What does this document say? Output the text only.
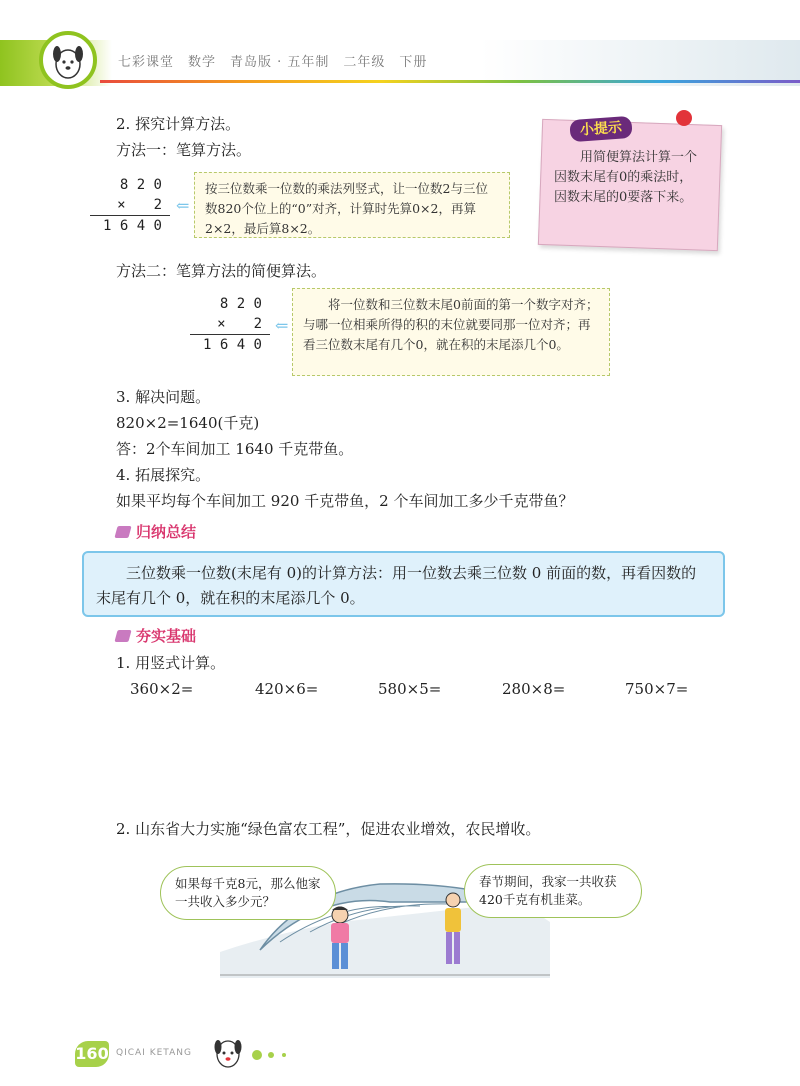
七彩课堂　数学　青岛版 · 五年制　二年级　下册
2. 探究计算方法。
方法一：笔算方法。
8 2 0
×　　2
1 6 4 0
⇐
按三位数乘一位数的乘法列竖式，让一位数2与三位数820个位上的“0”对齐，计算时先算0×2，再算2×2，最后算8×2。
小提示
用简便算法计算一个因数末尾有0的乘法时，因数末尾的0要落下来。
方法二：笔算方法的简便算法。
8 2 0
×　　2
1 6 4 0
⇐
将一位数和三位数末尾0前面的第一个数字对齐；与哪一位相乘所得的积的末位就要同那一位对齐；再看三位数末尾有几个0，就在积的末尾添几个0。
3. 解决问题。
820×2=1640(千克)
答：2个车间加工 1640 千克带鱼。
4. 拓展探究。
如果平均每个车间加工 920 千克带鱼，2 个车间加工多少千克带鱼？
归纳总结
三位数乘一位数(末尾有 0)的计算方法：用一位数去乘三位数 0 前面的数，再看因数的末尾有几个 0，就在积的末尾添几个 0。
夯实基础
1. 用竖式计算。
360×2=	420×6=	580×5=	280×8=	750×7=
2. 山东省大力实施“绿色富农工程”，促进农业增效，农民增收。
如果每千克8元，那么他家一共收入多少元？
春节期间，我家一共收获420千克有机韭菜。
160 QICAI KETANG
